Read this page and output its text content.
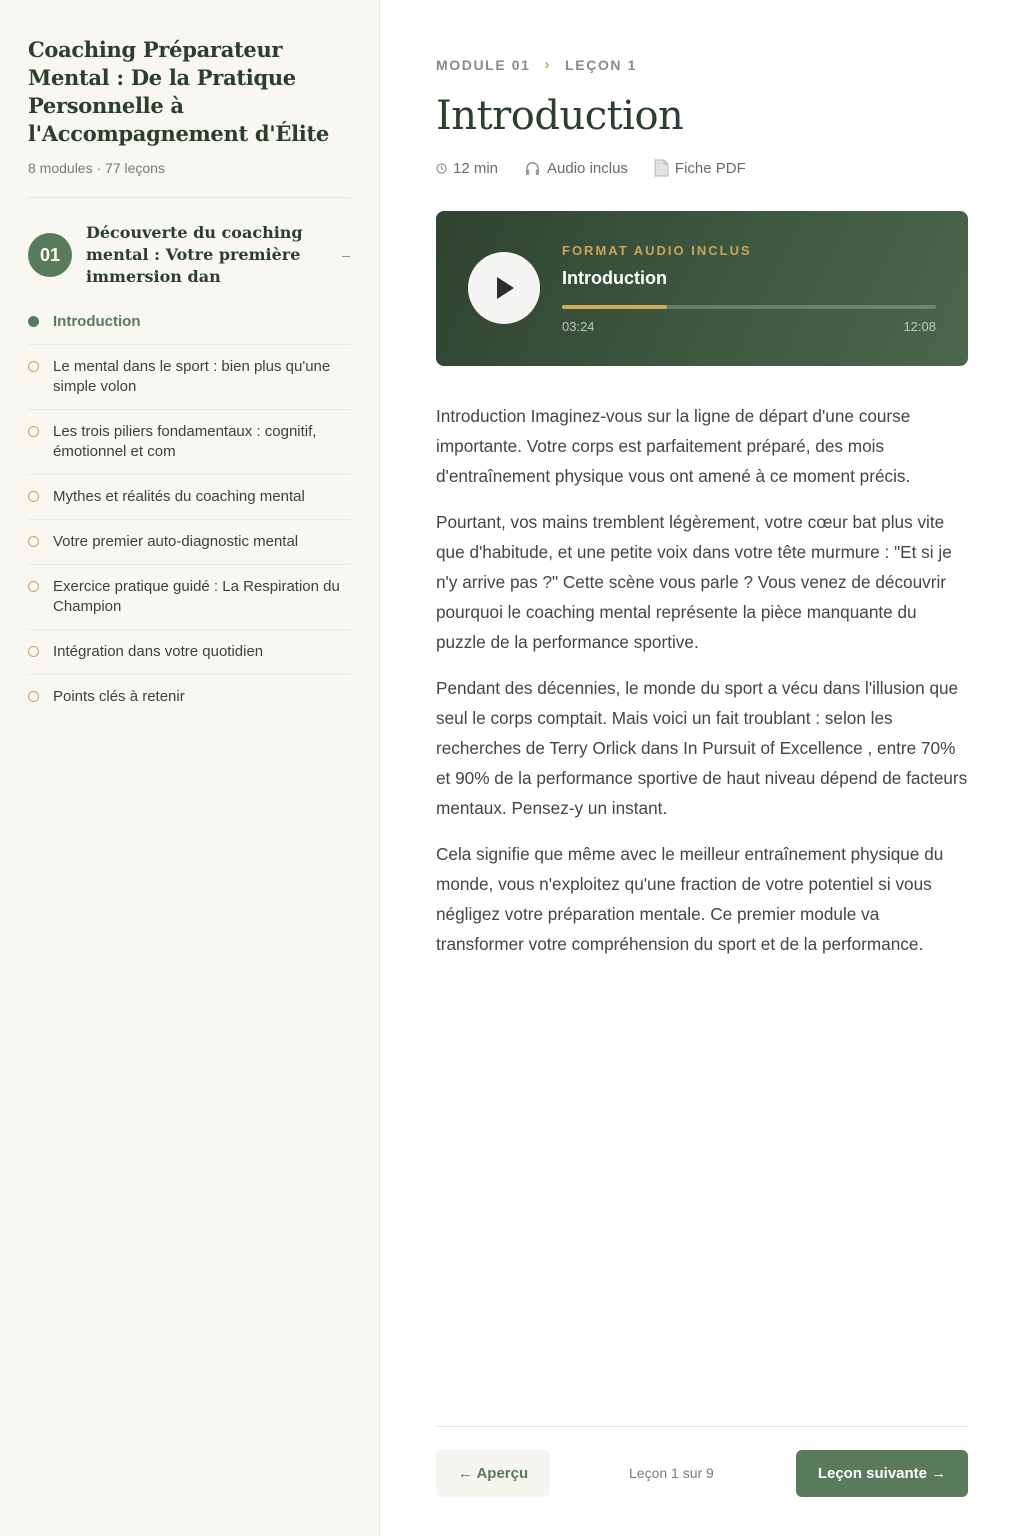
Coaching Préparateur Mental : De la Pratique Personnelle à l'Accompagnement d'Élite
8 modules · 77 leçons
01
Découverte du coaching mental : Votre première immersion dan
–
Introduction
Le mental dans le sport : bien plus qu'une simple volon
Les trois piliers fondamentaux : cognitif, émotionnel et com
Mythes et réalités du coaching mental
Votre premier auto-diagnostic mental
Exercice pratique guidé : La Respiration du Champion
Intégration dans votre quotidien
Points clés à retenir
MODULE 01 › LEÇON 1
Introduction
12 min	Audio inclus	Fiche PDF
FORMAT AUDIO INCLUS
Introduction
03:24	12:08

Introduction Imaginez-vous sur la ligne de départ d'une course importante. Votre corps est parfaitement préparé, des mois d'entraînement physique vous ont amené à ce moment précis.

Pourtant, vos mains tremblent légèrement, votre cœur bat plus vite que d'habitude, et une petite voix dans votre tête murmure : "Et si je n'y arrive pas ?" Cette scène vous parle ? Vous venez de découvrir pourquoi le coaching mental représente la pièce manquante du puzzle de la performance sportive.

Pendant des décennies, le monde du sport a vécu dans l'illusion que seul le corps comptait. Mais voici un fait troublant : selon les recherches de Terry Orlick dans In Pursuit of Excellence , entre 70% et 90% de la performance sportive de haut niveau dépend de facteurs mentaux. Pensez-y un instant.

Cela signifie que même avec le meilleur entraînement physique du monde, vous n'exploitez qu'une fraction de votre potentiel si vous négligez votre préparation mentale. Ce premier module va transformer votre compréhension du sport et de la performance.

← Aperçu	Leçon 1 sur 9	Leçon suivante →
